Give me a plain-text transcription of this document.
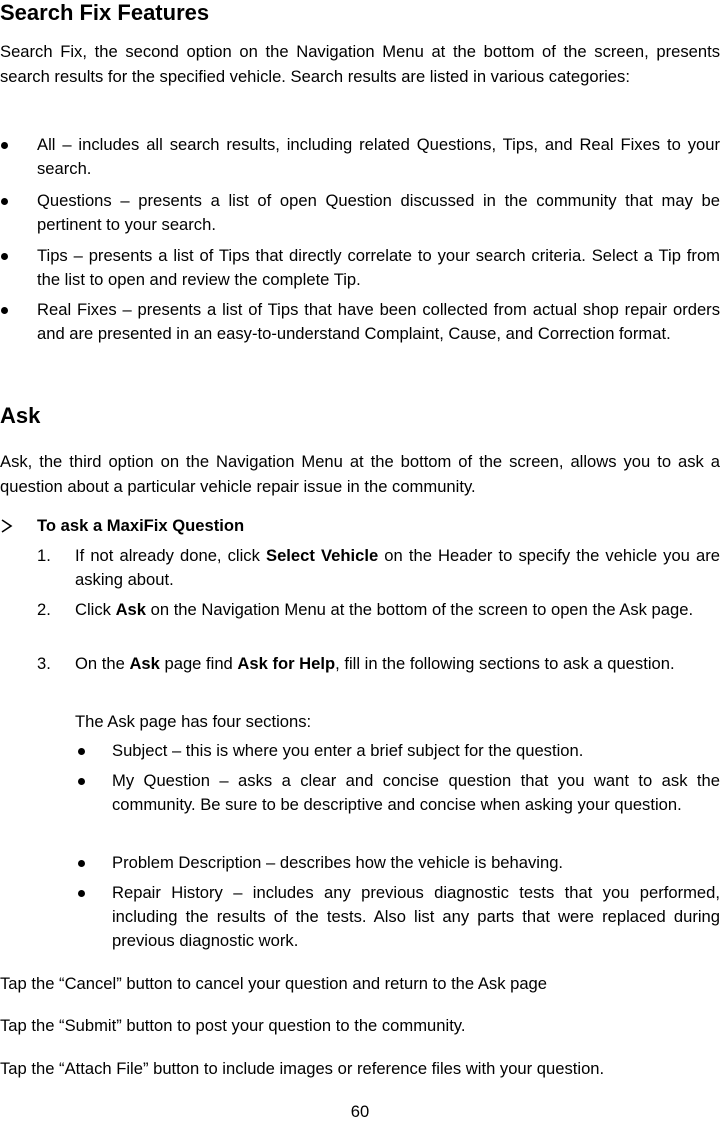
Search Fix Features

Search Fix, the second option on the Navigation Menu at the bottom of the screen, presents search results for the specified vehicle. Search results are listed in various categories:

All – includes all search results, including related Questions, Tips, and Real Fixes to your search.

Questions – presents a list of open Question discussed in the community that may be pertinent to your search.

Tips – presents a list of Tips that directly correlate to your search criteria. Select a Tip from the list to open and review the complete Tip.

Real Fixes – presents a list of Tips that have been collected from actual shop repair orders and are presented in an easy-to-understand Complaint, Cause, and Correction format.

Ask

Ask, the third option on the Navigation Menu at the bottom of the screen, allows you to ask a question about a particular vehicle repair issue in the community.

To ask a MaxiFix Question
1. If not already done, click Select Vehicle on the Header to specify the vehicle you are asking about.

2. Click Ask on the Navigation Menu at the bottom of the screen to open the Ask page.

3. On the Ask page find Ask for Help, fill in the following sections to ask a question.

The Ask page has four sections:

Subject – this is where you enter a brief subject for the question.

My Question – asks a clear and concise question that you want to ask the community. Be sure to be descriptive and concise when asking your question.

Problem Description – describes how the vehicle is behaving.

Repair History – includes any previous diagnostic tests that you performed, including the results of the tests. Also list any parts that were replaced during previous diagnostic work.

Tap the “Cancel” button to cancel your question and return to the Ask page

Tap the “Submit” button to post your question to the community.

Tap the “Attach File” button to include images or reference files with your question.

60
